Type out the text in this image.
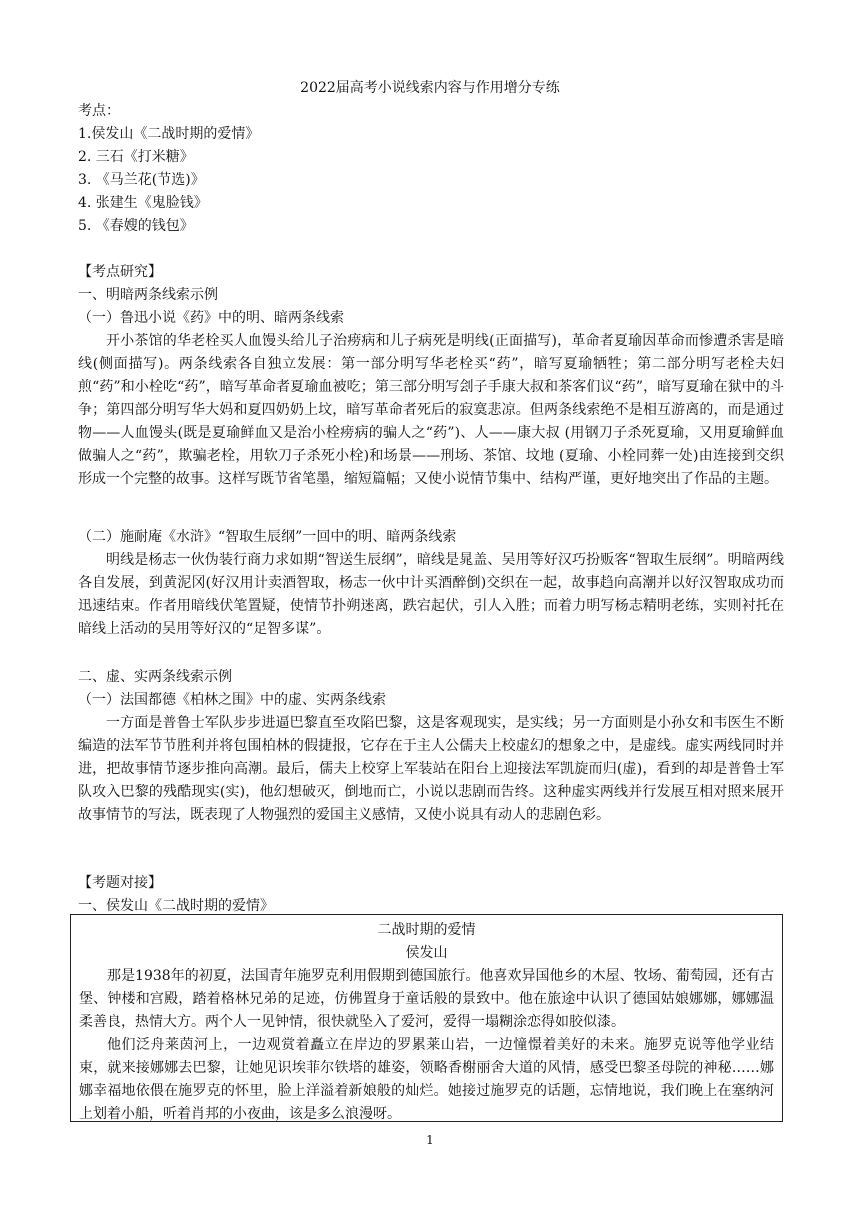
2022届高考小说线索内容与作用增分专练
考点：
1.侯发山《二战时期的爱情》
2. 三石《打米糖》
3. 《马兰花(节选)》
4. 张建生《鬼脸钱》
5. 《春嫂的钱包》
【考点研究】
一、明暗两条线索示例
（一）鲁迅小说《药》中的明、暗两条线索

开小茶馆的华老栓买人血馒头给儿子治痨病和儿子病死是明线(正面描写)，革命者夏瑜因革命而惨遭杀害是暗线(侧面描写)。两条线索各自独立发展：第一部分明写华老栓买“药”，暗写夏瑜牺牲；第二部分明写老栓夫妇煎“药”和小栓吃“药”，暗写革命者夏瑜血被吃；第三部分明写刽子手康大叔和茶客们议“药”，暗写夏瑜在狱中的斗争；第四部分明写华大妈和夏四奶奶上坟，暗写革命者死后的寂寞悲凉。但两条线索绝不是相互游离的，而是通过物——人血馒头(既是夏瑜鲜血又是治小栓痨病的骗人之“药”)、人——康大叔 (用钢刀子杀死夏瑜，又用夏瑜鲜血做骗人之“药”，欺骗老栓，用软刀子杀死小栓)和场景——刑场、茶馆、坟地 (夏瑜、小栓同葬一处)由连接到交织形成一个完整的故事。这样写既节省笔墨，缩短篇幅；又使小说情节集中、结构严谨，更好地突出了作品的主题。

（二）施耐庵《水浒》“智取生辰纲”一回中的明、暗两条线索

明线是杨志一伙伪装行商力求如期“智送生辰纲”，暗线是晁盖、吴用等好汉巧扮贩客“智取生辰纲”。明暗两线各自发展，到黄泥冈(好汉用计卖酒智取，杨志一伙中计买酒醉倒)交织在一起，故事趋向高潮并以好汉智取成功而迅速结束。作者用暗线伏笔置疑，使情节扑朔迷离，跌宕起伏，引人入胜；而着力明写杨志精明老练，实则衬托在暗线上活动的吴用等好汉的“足智多谋”。

二、虚、实两条线索示例
（一）法国都德《柏林之围》中的虚、实两条线索

一方面是普鲁士军队步步进逼巴黎直至攻陷巴黎，这是客观现实，是实线；另一方面则是小孙女和韦医生不断编造的法军节节胜利并将包围柏林的假捷报，它存在于主人公儒夫上校虚幻的想象之中，是虚线。虚实两线同时并进，把故事情节逐步推向高潮。最后，儒夫上校穿上军装站在阳台上迎接法军凯旋而归(虚)，看到的却是普鲁士军队攻入巴黎的残酷现实(实)，他幻想破灭，倒地而亡，小说以悲剧而告终。这种虚实两线并行发展互相对照来展开故事情节的写法，既表现了人物强烈的爱国主义感情，又使小说具有动人的悲剧色彩。

【考题对接】
一、侯发山《二战时期的爱情》
二战时期的爱情
侯发山

那是1938年的初夏，法国青年施罗克利用假期到德国旅行。他喜欢异国他乡的木屋、牧场、葡萄园，还有古堡、钟楼和宫殿，踏着格林兄弟的足迹，仿佛置身于童话般的景致中。他在旅途中认识了德国姑娘娜娜，娜娜温柔善良，热情大方。两个人一见钟情，很快就坠入了爱河，爱得一塌糊涂恋得如胶似漆。

他们泛舟莱茵河上，一边观赏着矗立在岸边的罗累莱山岩，一边憧憬着美好的未来。施罗克说等他学业结束，就来接娜娜去巴黎，让她见识埃菲尔铁塔的雄姿，领略香榭丽舍大道的风情，感受巴黎圣母院的神秘……娜娜幸福地依偎在施罗克的怀里，脸上洋溢着新娘般的灿烂。她接过施罗克的话题，忘情地说，我们晚上在塞纳河上划着小船，听着肖邦的小夜曲，该是多么浪漫呀。

1
